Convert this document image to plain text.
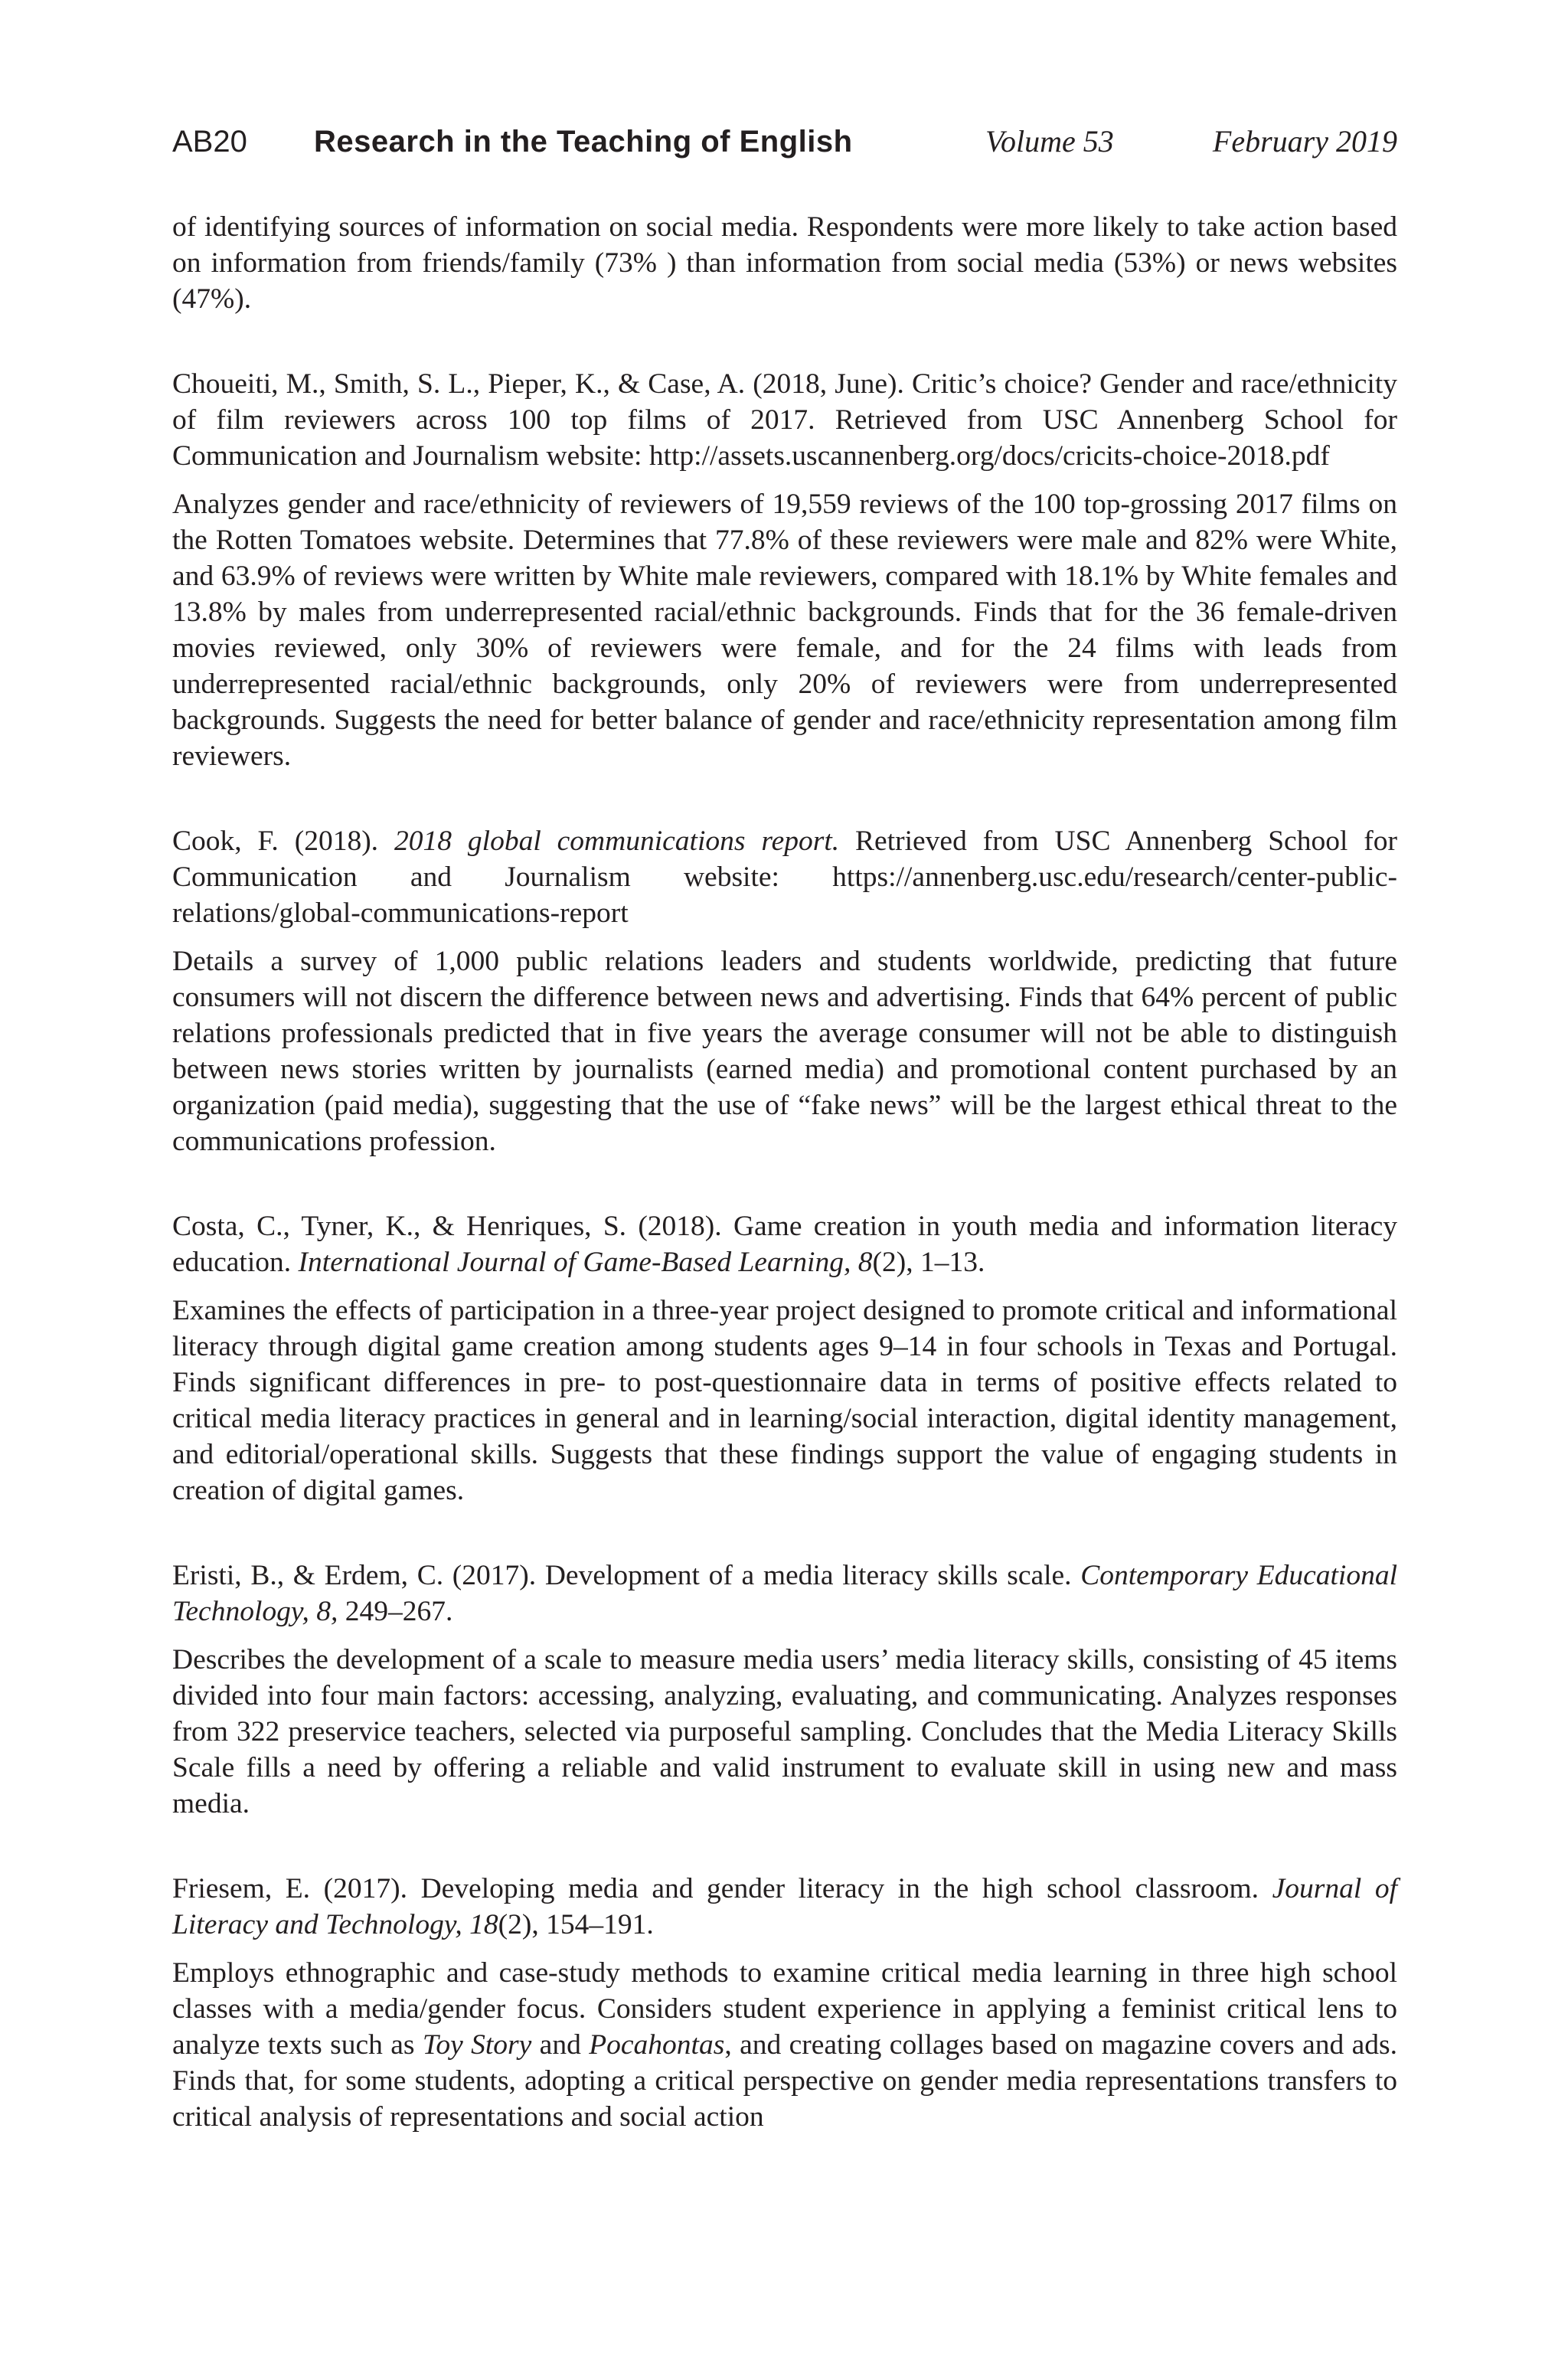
AB20 Research in the Teaching of English	Volume 53	February 2019

of identifying sources of information on social media. Respondents were more likely to take action based on information from friends/family (73% ) than information from social media (53%) or news websites (47%).

Choueiti, M., Smith, S. L., Pieper, K., & Case, A. (2018, June). Critic’s choice? Gender and race/ethnicity of film reviewers across 100 top films of 2017. Retrieved from USC Annenberg School for Communication and Journalism website: http://assets.uscannenberg.org/docs/cricits-choice-2018.pdf

Analyzes gender and race/ethnicity of reviewers of 19,559 reviews of the 100 top-grossing 2017 films on the Rotten Tomatoes website. Determines that 77.8% of these reviewers were male and 82% were White, and 63.9% of reviews were written by White male reviewers, compared with 18.1% by White females and 13.8% by males from underrepresented racial/ethnic backgrounds. Finds that for the 36 female-driven movies reviewed, only 30% of reviewers were female, and for the 24 films with leads from underrepresented racial/ethnic backgrounds, only 20% of reviewers were from underrepresented backgrounds. Suggests the need for better balance of gender and race/ethnicity representation among film reviewers.

Cook, F. (2018). 2018 global communications report. Retrieved from USC Annenberg School for Communication and Journalism website: https://annenberg.usc.edu/research/center-public-relations/global-communications-report

Details a survey of 1,000 public relations leaders and students worldwide, predicting that future consumers will not discern the difference between news and advertising. Finds that 64% percent of public relations professionals predicted that in five years the average consumer will not be able to distinguish between news stories written by journalists (earned media) and promotional content purchased by an organization (paid media), suggesting that the use of “fake news” will be the largest ethical threat to the communications profession.

Costa, C., Tyner, K., & Henriques, S. (2018). Game creation in youth media and information literacy education. International Journal of Game-Based Learning, 8(2), 1–13.

Examines the effects of participation in a three-year project designed to promote critical and informational literacy through digital game creation among students ages 9–14 in four schools in Texas and Portugal. Finds significant differences in pre- to post-questionnaire data in terms of positive effects related to critical media literacy practices in general and in learning/social interaction, digital identity management, and editorial/operational skills. Suggests that these findings support the value of engaging students in creation of digital games.

Eristi, B., & Erdem, C. (2017). Development of a media literacy skills scale. Contemporary Educational Technology, 8, 249–267.

Describes the development of a scale to measure media users’ media literacy skills, consisting of 45 items divided into four main factors: accessing, analyzing, evaluating, and communicating. Analyzes responses from 322 preservice teachers, selected via purposeful sampling. Concludes that the Media Literacy Skills Scale fills a need by offering a reliable and valid instrument to evaluate skill in using new and mass media.

Friesem, E. (2017). Developing media and gender literacy in the high school classroom. Journal of Literacy and Technology, 18(2), 154–191.

Employs ethnographic and case-study methods to examine critical media learning in three high school classes with a media/gender focus. Considers student experience in applying a feminist critical lens to analyze texts such as Toy Story and Pocahontas, and creating collages based on magazine covers and ads. Finds that, for some students, adopting a critical perspective on gender media representations transfers to critical analysis of representations and social action
